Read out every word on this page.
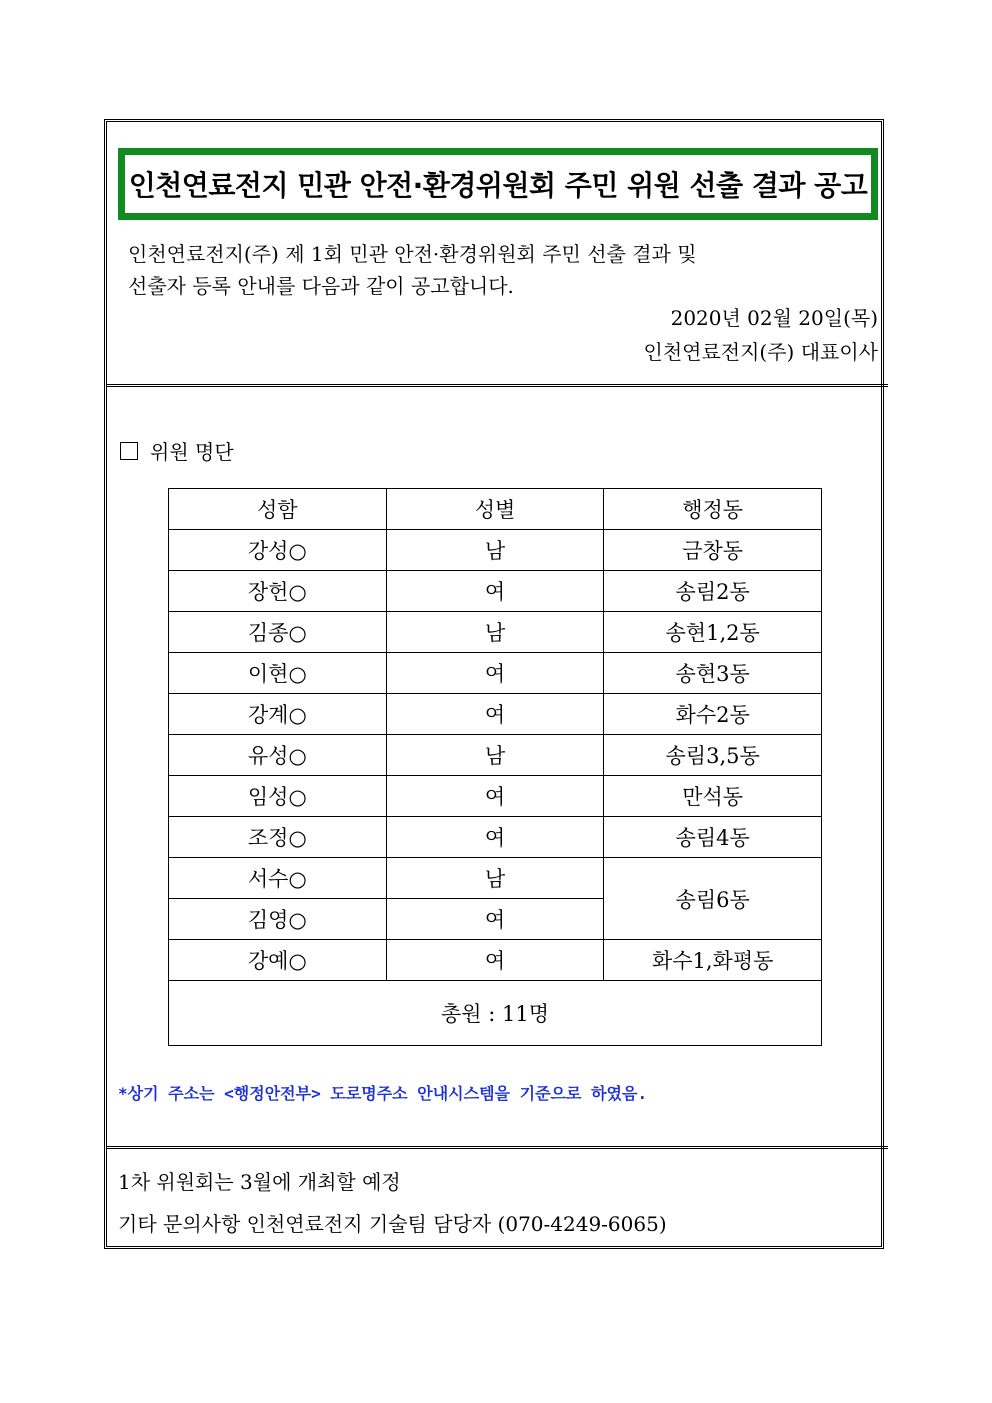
인천연료전지 민관 안전·환경위원회 주민 위원 선출 결과 공고
인천연료전지(주) 제 1회 민관 안전·환경위원회 주민 선출 결과 및
선출자 등록 안내를 다음과 같이 공고합니다.
2020년 02월 20일(목)
인천연료전지(주) 대표이사
위원 명단
성함	성별	행정동
강성○	남	금창동
장헌○	여	송림2동
김종○	남	송현1,2동
이현○	여	송현3동
강계○	여	화수2동
유성○	남	송림3,5동
임성○	여	만석동
조정○	여	송림4동
서수○	남	송림6동
김영○	여	
강예○	여	화수1,화평동
총원 : 11명		
*상기 주소는 <행정안전부> 도로명주소 안내시스템을 기준으로 하였음.
1차 위원회는 3월에 개최할 예정
기타 문의사항 인천연료전지 기술팀 담당자 (070-4249-6065)
